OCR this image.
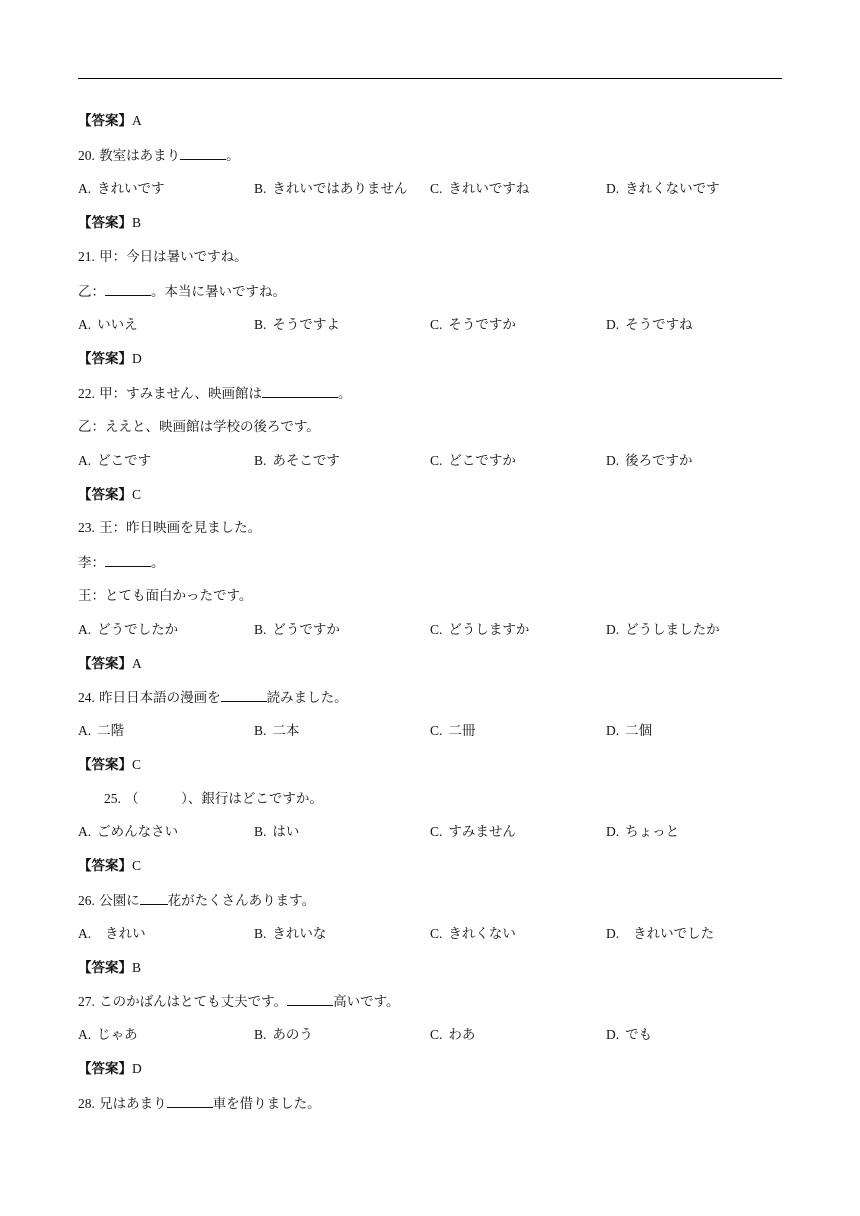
【答案】A
20. 教室はあまり	。
A. きれいです	B. きれいではありません C. きれいですね	D. きれくないです
【答案】B
21. 甲：今日は暑いですね。
乙：	。本当に暑いですね。
A. いいえ	B. そうですよ	C. そうですか	D. そうですね
【答案】D
22. 甲：すみません、映画館は	。
乙：ええと、映画館は学校の後ろです。
A. どこです	B. あそこです	C. どこですか	D. 後ろですか
【答案】C
23. 王：昨日映画を見ました。
李：	。
王：とても面白かったです。
A. どうでしたか	B. どうですか	C. どうしますか	D. どうしましたか
【答案】A
24. 昨日日本語の漫画を	読みました。
A. 二階	B. 二本	C. 二冊	D. 二個
【答案】C
25. （	）、銀行はどこですか。
A. ごめんなさい	B. はい	C. すみません	D. ちょっと
【答案】C
26. 公園に 花がたくさんあります。
A. きれい	B. きれいな	C. きれくない	D. きれいでした
【答案】B
27. このかばんはとても丈夫です。	高いです。
A. じゃあ	B. あのう	C. わあ	D. でも
【答案】D
28. 兄はあまり	車を借りました。
